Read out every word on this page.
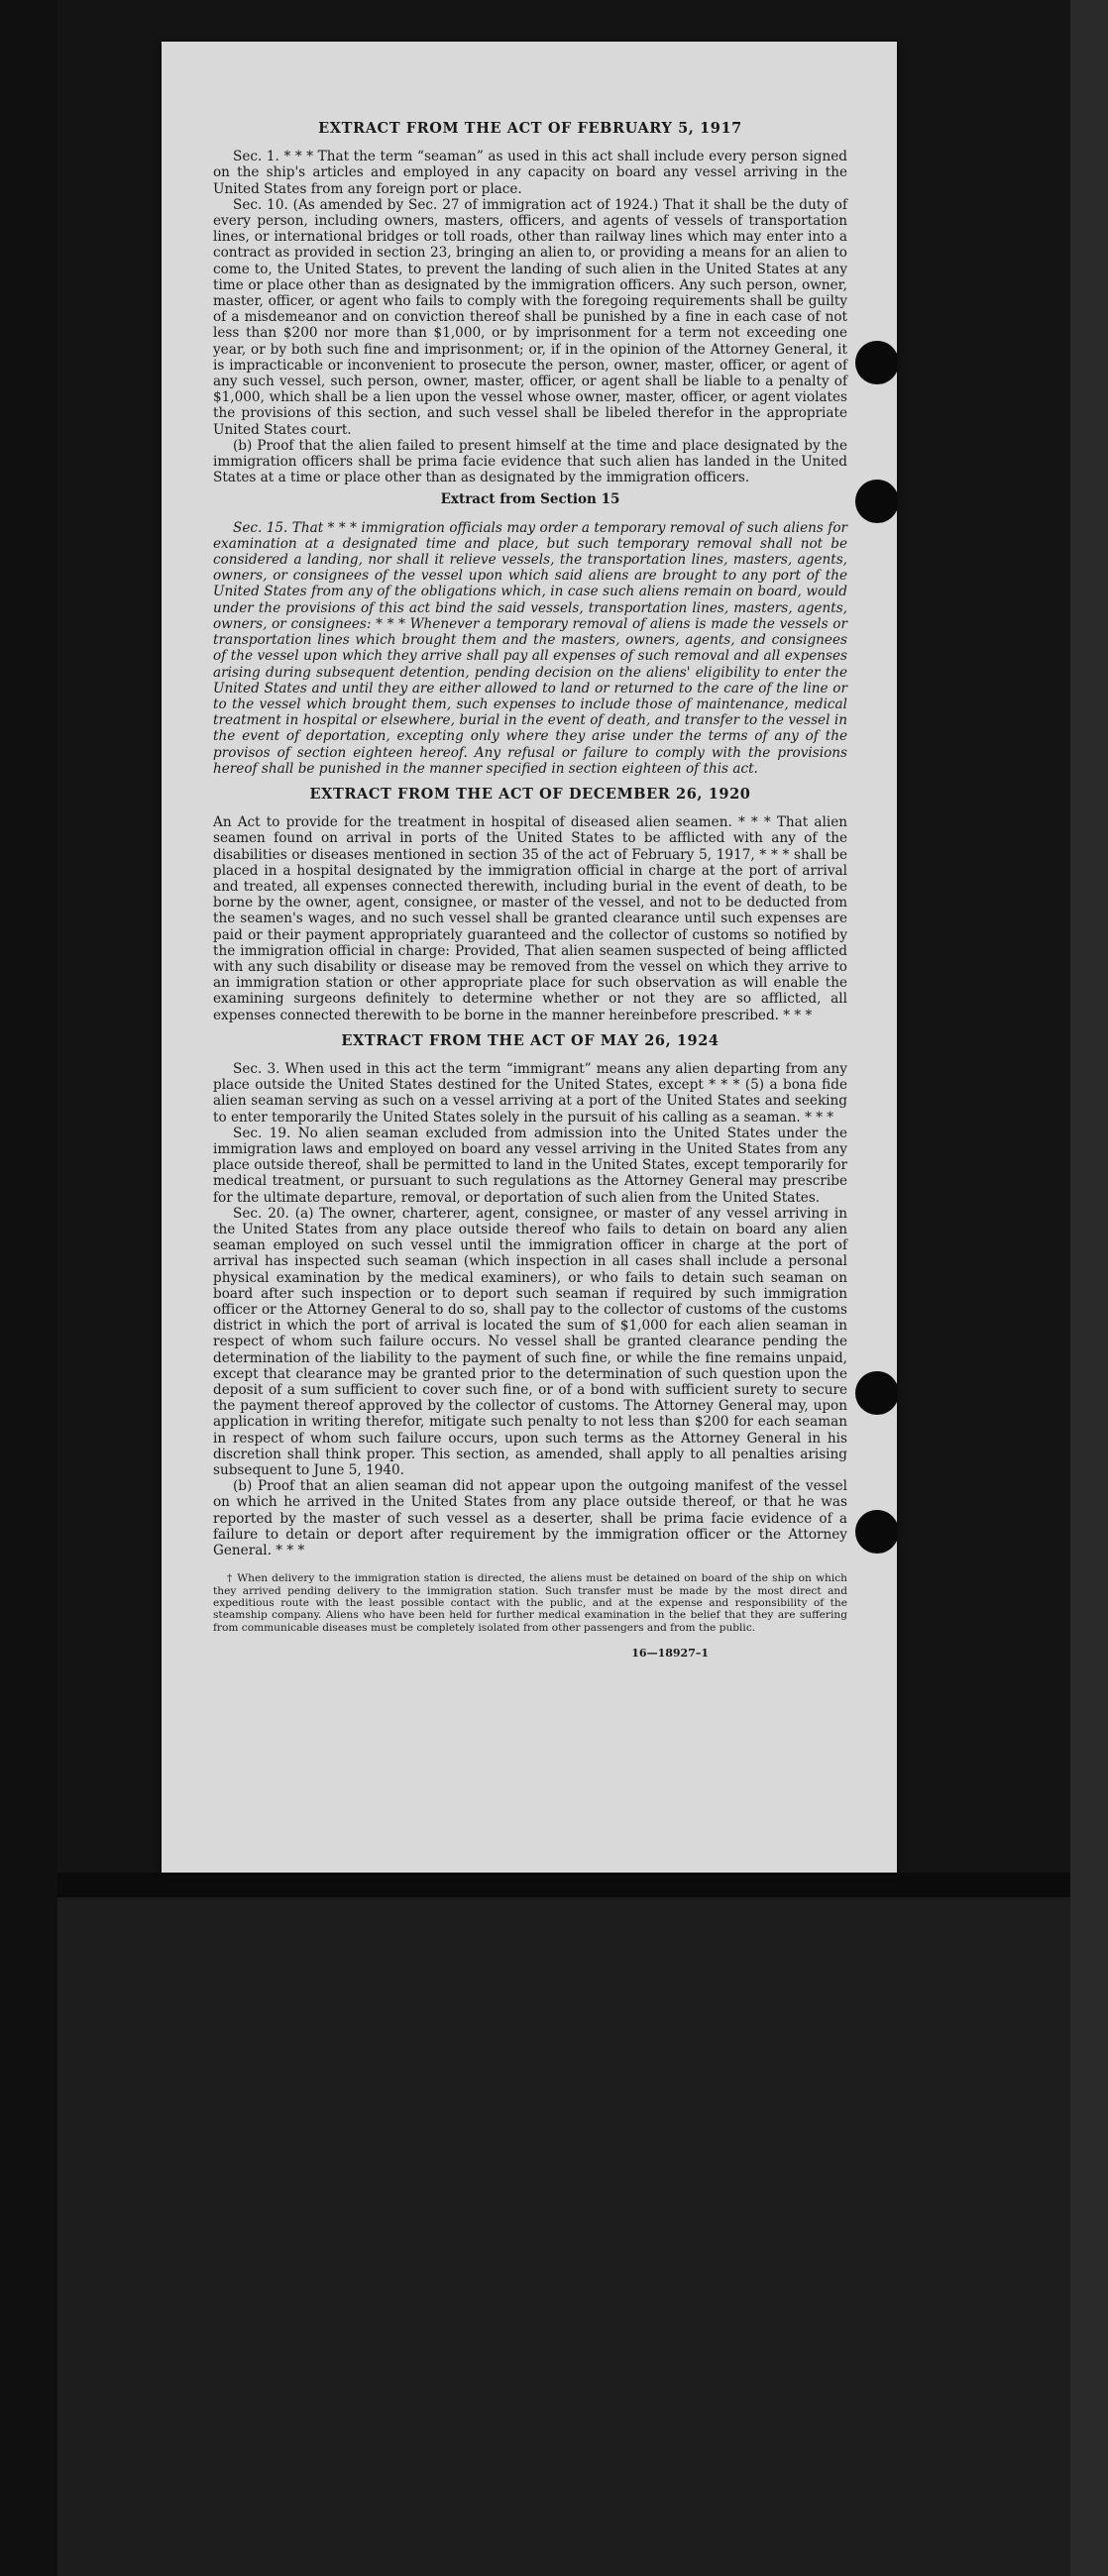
EXTRACT FROM THE ACT OF FEBRUARY 5, 1917

Sec. 1. * * * That the term “seaman” as used in this act shall include every person signed on the ship's articles and employed in any capacity on board any vessel arriving in the United States from any foreign port or place.

Sec. 10. (As amended by Sec. 27 of immigration act of 1924.) That it shall be the duty of every person, including owners, masters, officers, and agents of vessels of transportation lines, or international bridges or toll roads, other than railway lines which may enter into a contract as provided in section 23, bringing an alien to, or providing a means for an alien to come to, the United States, to prevent the landing of such alien in the United States at any time or place other than as designated by the immigration officers. Any such person, owner, master, officer, or agent who fails to comply with the foregoing requirements shall be guilty of a misdemeanor and on conviction thereof shall be punished by a fine in each case of not less than $200 nor more than $1,000, or by imprisonment for a term not exceeding one year, or by both such fine and imprisonment; or, if in the opinion of the Attorney General, it is impracticable or inconvenient to prosecute the person, owner, master, officer, or agent of any such vessel, such person, owner, master, officer, or agent shall be liable to a penalty of $1,000, which shall be a lien upon the vessel whose owner, master, officer, or agent violates the provisions of this section, and such vessel shall be libeled therefor in the appropriate United States court.

(b) Proof that the alien failed to present himself at the time and place designated by the immigration officers shall be prima facie evidence that such alien has landed in the United States at a time or place other than as designated by the immigration officers.

Extract from Section 15

Sec. 15. That * * * immigration officials may order a temporary removal of such aliens for examination at a designated time and place, but such temporary removal shall not be considered a landing, nor shall it relieve vessels, the transportation lines, masters, agents, owners, or consignees of the vessel upon which said aliens are brought to any port of the United States from any of the obligations which, in case such aliens remain on board, would under the provisions of this act bind the said vessels, transportation lines, masters, agents, owners, or consignees: * * * Whenever a temporary removal of aliens is made the vessels or transportation lines which brought them and the masters, owners, agents, and consignees of the vessel upon which they arrive shall pay all expenses of such removal and all expenses arising during subsequent detention, pending decision on the aliens' eligibility to enter the United States and until they are either allowed to land or returned to the care of the line or to the vessel which brought them, such expenses to include those of maintenance, medical treatment in hospital or elsewhere, burial in the event of death, and transfer to the vessel in the event of deportation, excepting only where they arise under the terms of any of the provisos of section eighteen hereof. Any refusal or failure to comply with the provisions hereof shall be punished in the manner specified in section eighteen of this act.

EXTRACT FROM THE ACT OF DECEMBER 26, 1920

An Act to provide for the treatment in hospital of diseased alien seamen. * * * That alien seamen found on arrival in ports of the United States to be afflicted with any of the disabilities or diseases mentioned in section 35 of the act of February 5, 1917, * * * shall be placed in a hospital designated by the immigration official in charge at the port of arrival and treated, all expenses connected therewith, including burial in the event of death, to be borne by the owner, agent, consignee, or master of the vessel, and not to be deducted from the seamen's wages, and no such vessel shall be granted clearance until such expenses are paid or their payment appropriately guaranteed and the collector of customs so notified by the immigration official in charge: Provided, That alien seamen suspected of being afflicted with any such disability or disease may be removed from the vessel on which they arrive to an immigration station or other appropriate place for such observation as will enable the examining surgeons definitely to determine whether or not they are so afflicted, all expenses connected therewith to be borne in the manner hereinbefore prescribed. * * *

EXTRACT FROM THE ACT OF MAY 26, 1924

Sec. 3. When used in this act the term “immigrant” means any alien departing from any place outside the United States destined for the United States, except * * * (5) a bona fide alien seaman serving as such on a vessel arriving at a port of the United States and seeking to enter temporarily the United States solely in the pursuit of his calling as a seaman. * * *

Sec. 19. No alien seaman excluded from admission into the United States under the immigration laws and employed on board any vessel arriving in the United States from any place outside thereof, shall be permitted to land in the United States, except temporarily for medical treatment, or pursuant to such regulations as the Attorney General may prescribe for the ultimate departure, removal, or deportation of such alien from the United States.

Sec. 20. (a) The owner, charterer, agent, consignee, or master of any vessel arriving in the United States from any place outside thereof who fails to detain on board any alien seaman employed on such vessel until the immigration officer in charge at the port of arrival has inspected such seaman (which inspection in all cases shall include a personal physical examination by the medical examiners), or who fails to detain such seaman on board after such inspection or to deport such seaman if required by such immigration officer or the Attorney General to do so, shall pay to the collector of customs of the customs district in which the port of arrival is located the sum of $1,000 for each alien seaman in respect of whom such failure occurs. No vessel shall be granted clearance pending the determination of the liability to the payment of such fine, or while the fine remains unpaid, except that clearance may be granted prior to the determination of such question upon the deposit of a sum sufficient to cover such fine, or of a bond with sufficient surety to secure the payment thereof approved by the collector of customs. The Attorney General may, upon application in writing therefor, mitigate such penalty to not less than $200 for each seaman in respect of whom such failure occurs, upon such terms as the Attorney General in his discretion shall think proper. This section, as amended, shall apply to all penalties arising subsequent to June 5, 1940.

(b) Proof that an alien seaman did not appear upon the outgoing manifest of the vessel on which he arrived in the United States from any place outside thereof, or that he was reported by the master of such vessel as a deserter, shall be prima facie evidence of a failure to detain or deport after requirement by the immigration officer or the Attorney General. * * *

† When delivery to the immigration station is directed, the aliens must be detained on board of the ship on which they arrived pending delivery to the immigration station. Such transfer must be made by the most direct and expeditious route with the least possible contact with the public, and at the expense and responsibility of the steamship company. Aliens who have been held for further medical examination in the belief that they are suffering from communicable diseases must be completely isolated from other passengers and from the public.

16—18927–1
